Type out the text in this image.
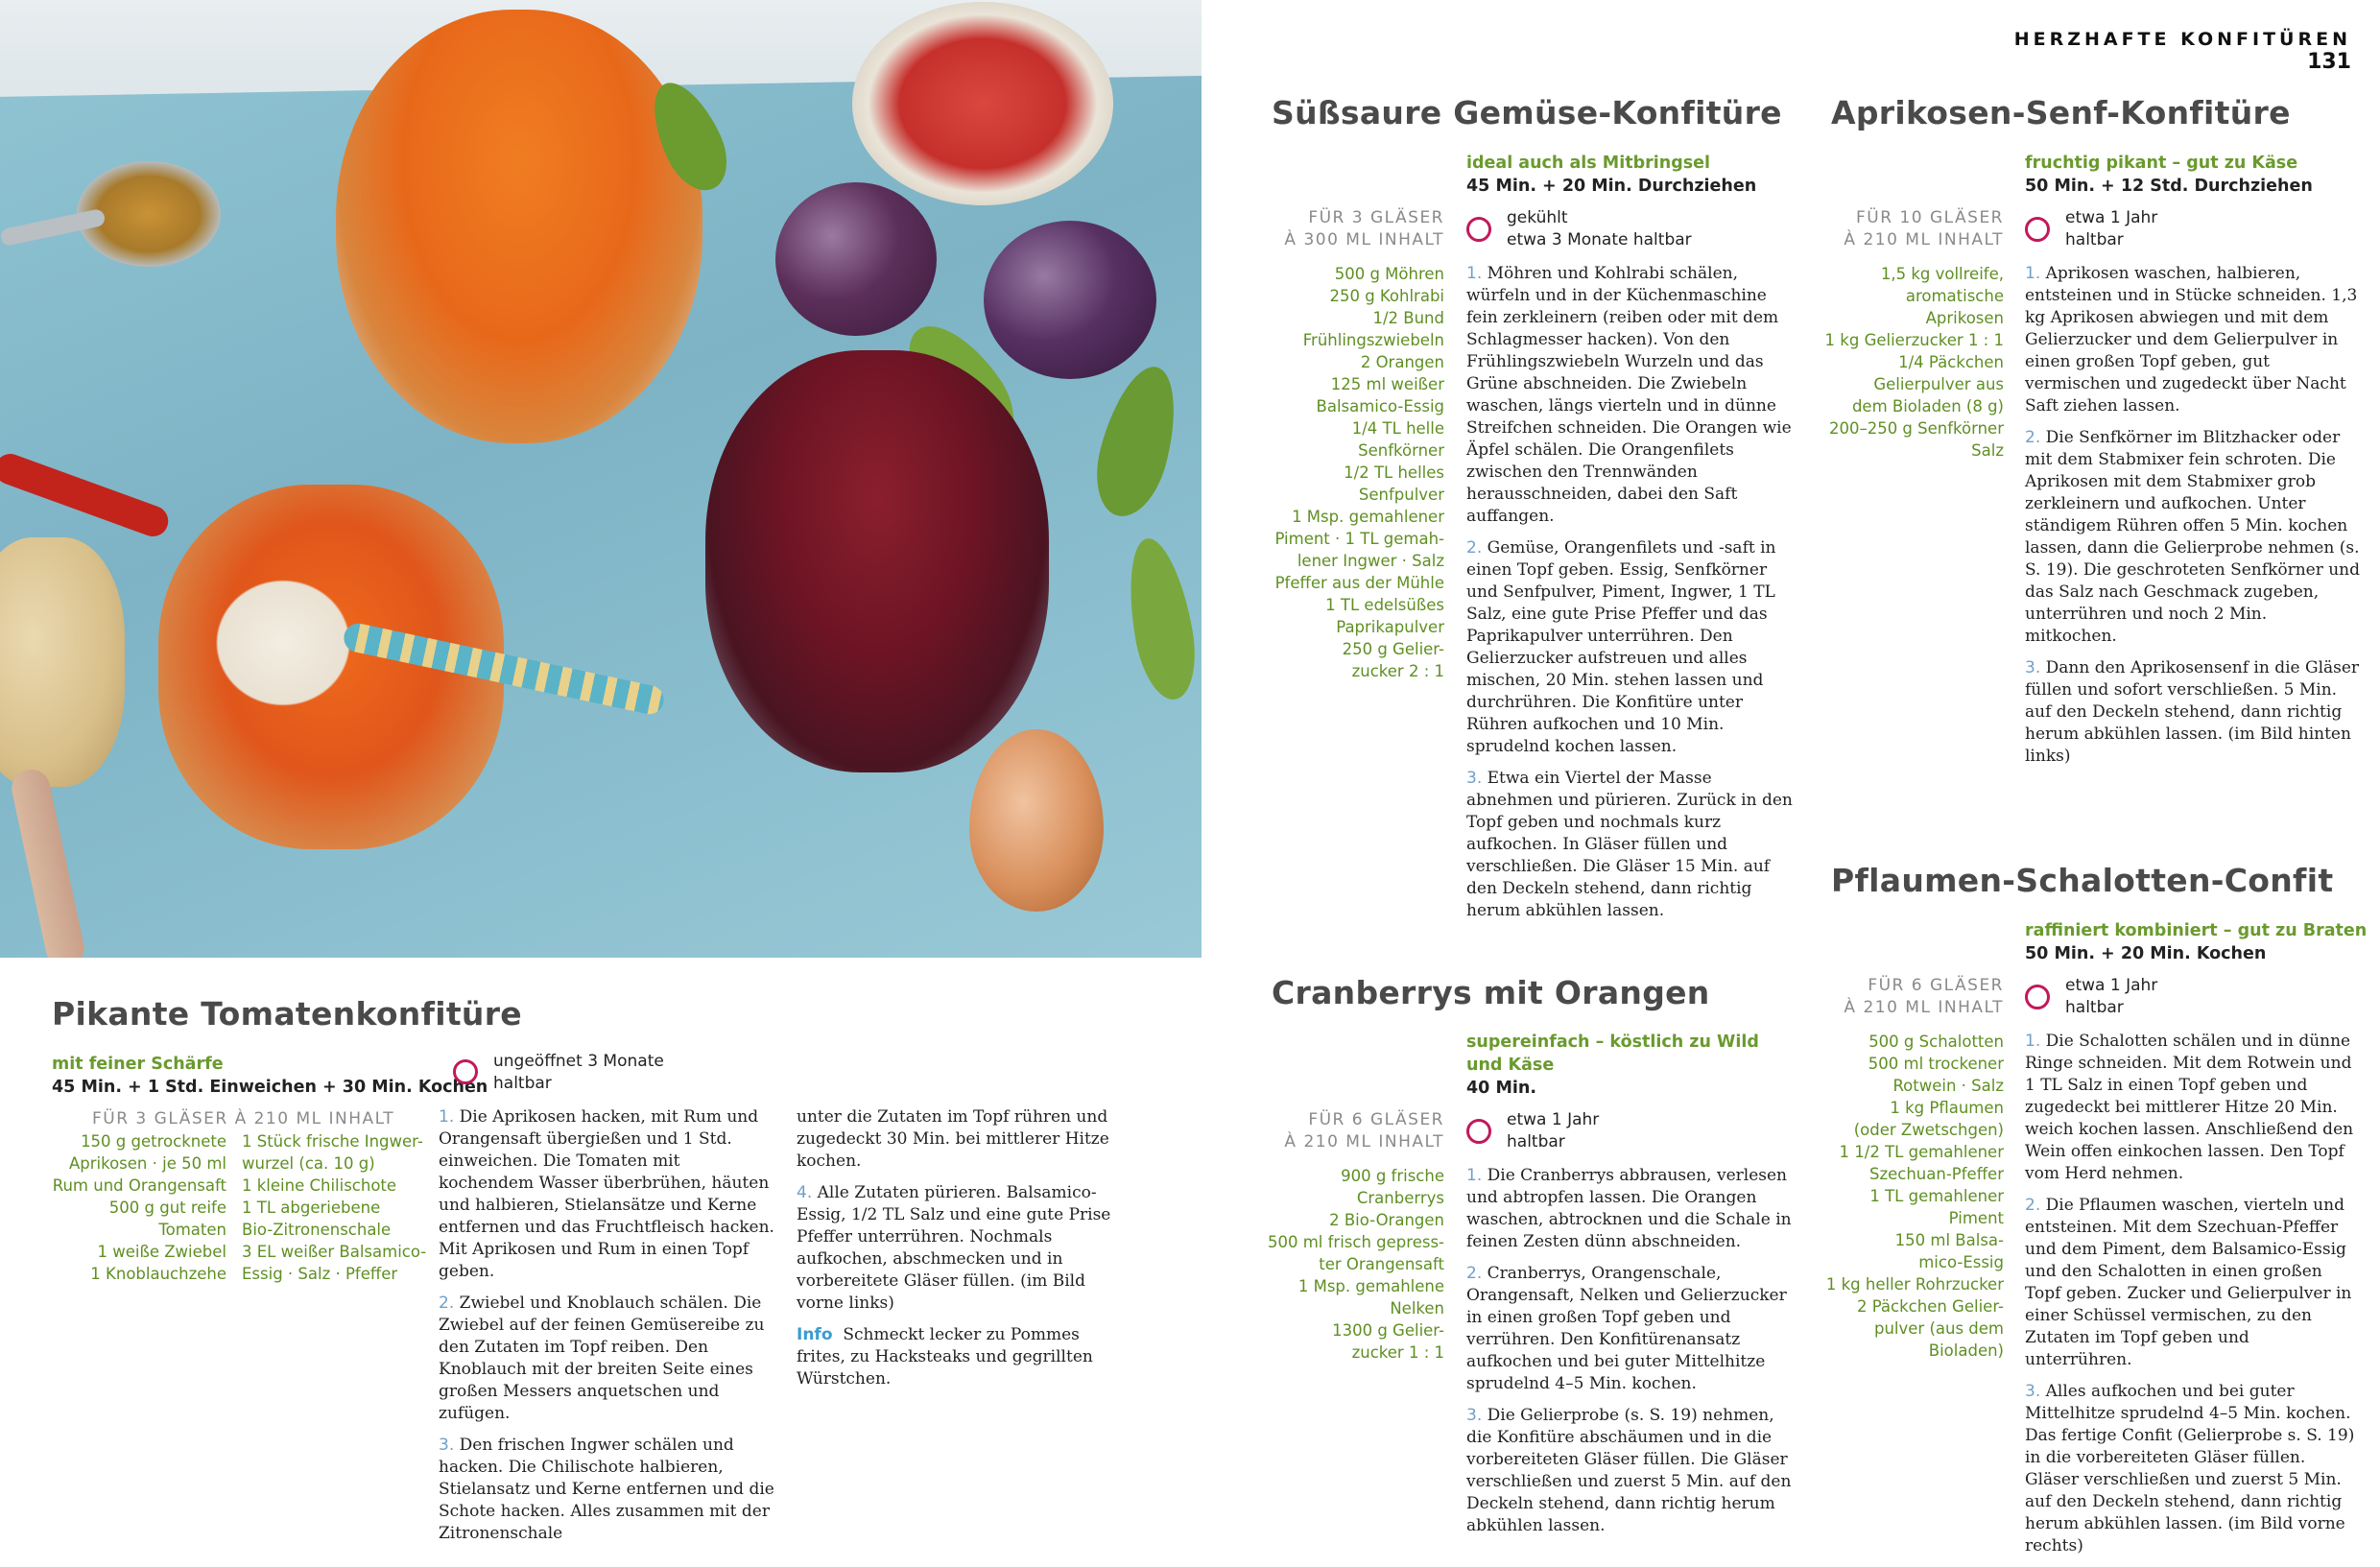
HERZHAFTE KONFITÜREN 131
Süßsaure Gemüse-Konfitüre
ideal auch als Mitbringsel
45 Min. + 20 Min. Durchziehen
FÜR 3 GLÄSER
À 300 ML INHALT
gekühlt
etwa 3 Monate haltbar
500 g Möhren
250 g Kohlrabi
1/2 Bund
Frühlingszwiebeln
2 Orangen
125 ml weißer
Balsamico-Essig
1/4 TL helle
Senfkörner
1/2 TL helles
Senfpulver
1 Msp. gemahlener
Piment · 1 TL gemah-
lener Ingwer · Salz
Pfeffer aus der Mühle
1 TL edelsüßes
Paprikapulver
250 g Gelier-
zucker 2 : 1

1. Möhren und Kohlrabi schälen, würfeln und in der Küchenmaschine fein zerkleinern (reiben oder mit dem Schlagmesser hacken). Von den Frühlingszwiebeln Wurzeln und das Grüne abschneiden. Die Zwiebeln waschen, längs vierteln und in dünne Streifchen schneiden. Die Orangen wie Äpfel schälen. Die Orangenfilets zwischen den Trennwänden herausschneiden, dabei den Saft auffangen.

2. Gemüse, Orangenfilets und -saft in einen Topf geben. Essig, Senfkörner und Senfpulver, Piment, Ingwer, 1 TL Salz, eine gute Prise Pfeffer und das Paprikapulver unterrühren. Den Gelierzucker aufstreuen und alles mischen, 20 Min. stehen lassen und durchrühren. Die Konfitüre unter Rühren aufkochen und 10 Min. sprudelnd kochen lassen.

3. Etwa ein Viertel der Masse abnehmen und pürieren. Zurück in den Topf geben und nochmals kurz aufkochen. In Gläser füllen und verschließen. Die Gläser 15 Min. auf den Deckeln stehend, dann richtig herum abkühlen lassen.

Aprikosen-Senf-Konfitüre
fruchtig pikant – gut zu Käse
50 Min. + 12 Std. Durchziehen
FÜR 10 GLÄSER
À 210 ML INHALT
etwa 1 Jahr
haltbar
1,5 kg vollreife,
aromatische
Aprikosen
1 kg Gelierzucker 1 : 1
1/4 Päckchen
Gelierpulver aus
dem Bioladen (8 g)
200–250 g Senfkörner
Salz

1. Aprikosen waschen, halbieren, entsteinen und in Stücke schneiden. 1,3 kg Aprikosen abwiegen und mit dem Gelierzucker und dem Gelierpulver in einen großen Topf geben, gut vermischen und zugedeckt über Nacht Saft ziehen lassen.

2. Die Senfkörner im Blitzhacker oder mit dem Stabmixer fein schroten. Die Aprikosen mit dem Stabmixer grob zerkleinern und aufkochen. Unter ständigem Rühren offen 5 Min. kochen lassen, dann die Gelierprobe nehmen (s. S. 19). Die geschroteten Senfkörner und das Salz nach Geschmack zugeben, unterrühren und noch 2 Min. mitkochen.

3. Dann den Aprikosensenf in die Gläser füllen und sofort verschließen. 5 Min. auf den Deckeln stehend, dann richtig herum abkühlen lassen. (im Bild hinten links)

Pflaumen-Schalotten-Confit
raffiniert kombiniert – gut zu Braten
50 Min. + 20 Min. Kochen
FÜR 6 GLÄSER
À 210 ML INHALT
etwa 1 Jahr
haltbar
500 g Schalotten
500 ml trockener
Rotwein · Salz
1 kg Pflaumen
(oder Zwetschgen)
1 1/2 TL gemahlener
Szechuan-Pfeffer
1 TL gemahlener
Piment
150 ml Balsa-
mico-Essig
1 kg heller Rohrzucker
2 Päckchen Gelier-
pulver (aus dem
Bioladen)

1. Die Schalotten schälen und in dünne Ringe schneiden. Mit dem Rotwein und 1 TL Salz in einen Topf geben und zugedeckt bei mittlerer Hitze 20 Min. weich kochen lassen. Anschließend den Wein offen einkochen lassen. Den Topf vom Herd nehmen.

2. Die Pflaumen waschen, vierteln und entsteinen. Mit dem Szechuan-Pfeffer und dem Piment, dem Balsamico-Essig und den Schalotten in einen großen Topf geben. Zucker und Gelierpulver in einer Schüssel vermischen, zu den Zutaten im Topf geben und unterrühren.

3. Alles aufkochen und bei guter Mittelhitze sprudelnd 4–5 Min. kochen. Das fertige Confit (Gelierprobe s. S. 19) in die vorbereiteten Gläser füllen. Gläser verschließen und zuerst 5 Min. auf den Deckeln stehend, dann richtig herum abkühlen lassen. (im Bild vorne rechts)

Cranberrys mit Orangen
supereinfach – köstlich zu Wild
und Käse
40 Min.
FÜR 6 GLÄSER
À 210 ML INHALT
etwa 1 Jahr
haltbar
900 g frische
Cranberrys
2 Bio-Orangen
500 ml frisch gepress-
ter Orangensaft
1 Msp. gemahlene
Nelken
1300 g Gelier-
zucker 1 : 1

1. Die Cranberrys abbrausen, verlesen und abtropfen lassen. Die Orangen waschen, abtrocknen und die Schale in feinen Zesten dünn abschneiden.

2. Cranberrys, Orangenschale, Orangensaft, Nelken und Gelierzucker in einen großen Topf geben und verrühren. Den Konfitürenansatz aufkochen und bei guter Mittelhitze sprudelnd 4–5 Min. kochen.

3. Die Gelierprobe (s. S. 19) nehmen, die Konfitüre abschäumen und in die vorbereiteten Gläser füllen. Die Gläser verschließen und zuerst 5 Min. auf den Deckeln stehend, dann richtig herum abkühlen lassen.

Pikante Tomatenkonfitüre
mit feiner Schärfe
45 Min. + 1 Std. Einweichen + 30 Min. Kochen
ungeöffnet 3 Monate
haltbar
FÜR 3 GLÄSER À 210 ML INHALT
150 g getrocknete
Aprikosen · je 50 ml
Rum und Orangensaft
500 g gut reife
Tomaten
1 weiße Zwiebel
1 Knoblauchzehe
1 Stück frische Ingwer-
wurzel (ca. 10 g)
1 kleine Chilischote
1 TL abgeriebene
Bio-Zitronenschale
3 EL weißer Balsamico-
Essig · Salz · Pfeffer

1. Die Aprikosen hacken, mit Rum und Orangensaft übergießen und 1 Std. einweichen. Die Tomaten mit kochendem Wasser überbrühen, häuten und halbieren, Stielansätze und Kerne entfernen und das Fruchtfleisch hacken. Mit Aprikosen und Rum in einen Topf geben.

2. Zwiebel und Knoblauch schälen. Die Zwiebel auf der feinen Gemüsereibe zu den Zutaten im Topf reiben. Den Knoblauch mit der breiten Seite eines großen Messers anquetschen und zufügen.

3. Den frischen Ingwer schälen und hacken. Die Chilischote halbieren, Stielansatz und Kerne entfernen und die Schote hacken. Alles zusammen mit der Zitronenschale

unter die Zutaten im Topf rühren und zugedeckt 30 Min. bei mittlerer Hitze kochen.

4. Alle Zutaten pürieren. Balsamico-Essig, 1/2 TL Salz und eine gute Prise Pfeffer unterrühren. Nochmals aufkochen, abschmecken und in vorbereitete Gläser füllen. (im Bild vorne links)

Info Schmeckt lecker zu Pommes frites, zu Hacksteaks und gegrillten Würstchen.
